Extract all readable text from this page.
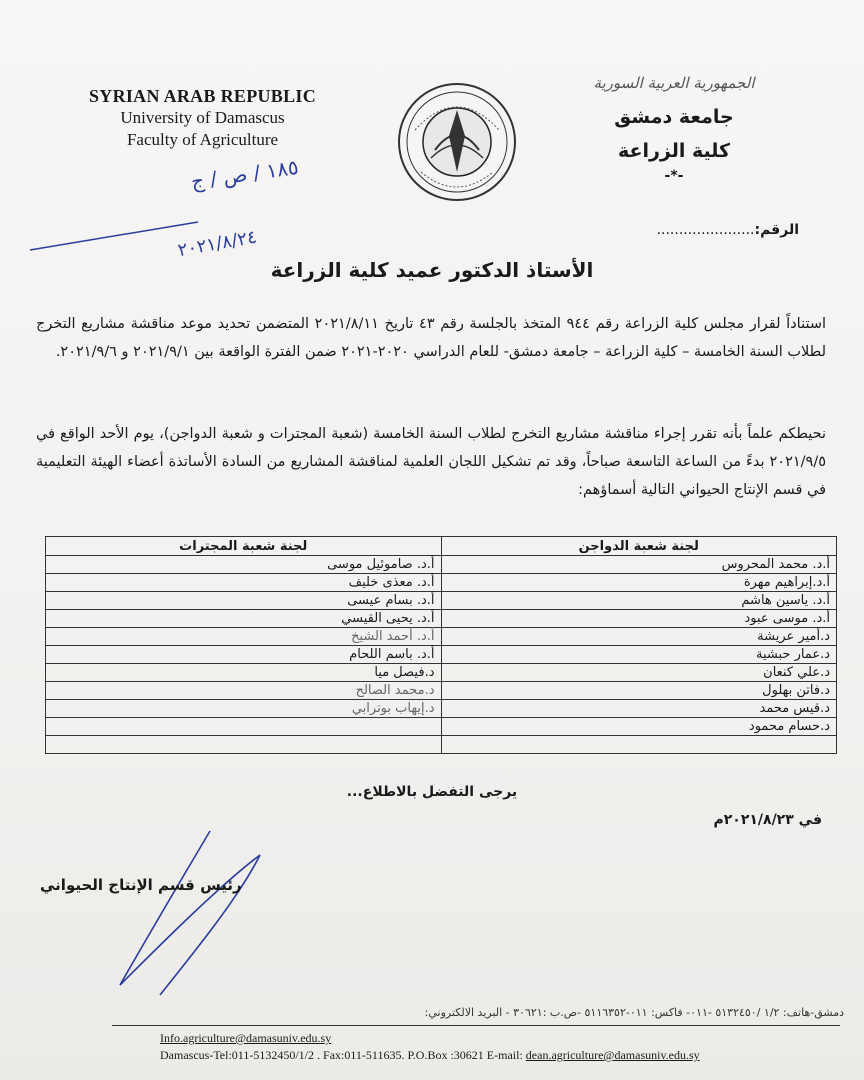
SYRIAN ARAB REPUBLIC
University of Damascus
Faculty of Agriculture
الجمهورية العربية السورية
جامعة دمشق
كلية الزراعة
-*-
الرقم:......................
١٨٥ / ص / ج
٢٠٢١/٨/٢٤
الأستاذ الدكتور عميد كلية الزراعة
استناداً لقرار مجلس كلية الزراعة رقم ٩٤٤ المتخذ بالجلسة رقم ٤٣ تاريخ ٢٠٢١/٨/١١ المتضمن تحديد موعد مناقشة مشاريع التخرج لطلاب السنة الخامسة – كلية الزراعة – جامعة دمشق- للعام الدراسي ٢٠٢٠-٢٠٢١ ضمن الفترة الواقعة بين ٢٠٢١/٩/١ و ٢٠٢١/٩/٦.
نحيطكم علماً بأنه تقرر إجراء مناقشة مشاريع التخرج لطلاب السنة الخامسة (شعبة المجترات و شعبة الدواجن)، يوم الأحد الواقع في ٢٠٢١/٩/٥ بدءً من الساعة التاسعة صباحاً، وقد تم تشكيل اللجان العلمية لمناقشة المشاريع من السادة الأساتذة أعضاء الهيئة التعليمية في قسم الإنتاج الحيواني التالية أسماؤهم:
لجنة شعبة الدواجن	لجنة شعبة المجترات
أ.د. محمد المحروس	أ.د. صاموئيل موسى
أ.د.إبراهيم مهرة	أ.د. معذى خليف
أ.د. ياسين هاشم	أ.د. بسام عيسى
أ.د. موسى عبود	أ.د. يحيى القيسي
د.أمير عريشة	أ.د. أحمد الشيخ
د.عمار حبشية	أ.د. باسم اللحام
د.علي كنعان	د.فيصل ميا
د.فاتن بهلول	د.محمد الصالح
د.قيس محمد	د.إيهاب بوترابي
د.حسام محمود	

يرجى التفضل بالاطلاع...
في ٢٠٢١/٨/٢٣م
رئيس قسم الإنتاج الحيواني
دمشق-هاتف: ١/٢ /٥١٣٢٤٥٠ -٠١١- فاكس: ٠١١-٥١١٦٣٥٢ -ص.ب :٣٠٦٢١ - البريد الالكتروني:
Info.agriculture@damasuniv.edu.sy
Damascus-Tel:011-5132450/1/2 . Fax:011-511635. P.O.Box :30621 E-mail: dean.agriculture@damasuniv.edu.sy
